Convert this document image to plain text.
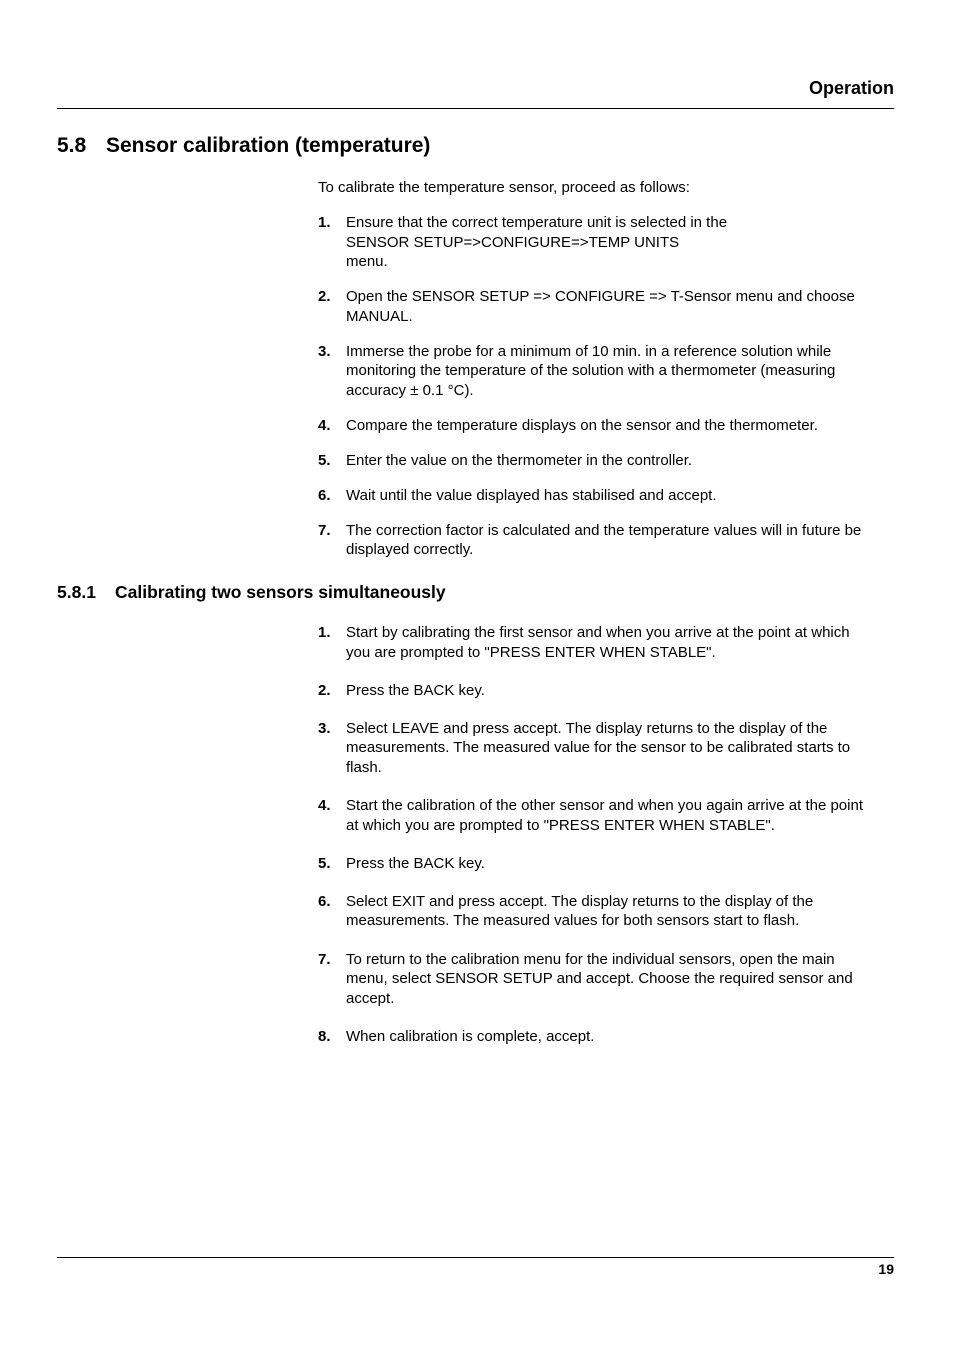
Operation
5.8 Sensor calibration (temperature)
To calibrate the temperature sensor, proceed as follows:
1.	Ensure that the correct temperature unit is selected in the
SENSOR SETUP=>CONFIGURE=>TEMP UNITS
menu.
2.	Open the SENSOR SETUP => CONFIGURE => T-Sensor menu and choose
MANUAL.
3.	Immerse the probe for a minimum of 10 min. in a reference solution while
monitoring the temperature of the solution with a thermometer (measuring
accuracy ± 0.1 °C).
4.	Compare the temperature displays on the sensor and the thermometer.
5.	Enter the value on the thermometer in the controller.
6.	Wait until the value displayed has stabilised and accept.
7.	The correction factor is calculated and the temperature values will in future be
displayed correctly.
5.8.1 Calibrating two sensors simultaneously
1.	Start by calibrating the first sensor and when you arrive at the point at which
you are prompted to "PRESS ENTER WHEN STABLE".
2.	Press the BACK key.
3.	Select LEAVE and press accept. The display returns to the display of the
measurements. The measured value for the sensor to be calibrated starts to
flash.
4.	Start the calibration of the other sensor and when you again arrive at the point
at which you are prompted to "PRESS ENTER WHEN STABLE".
5.	Press the BACK key.
6.	Select EXIT and press accept. The display returns to the display of the
measurements. The measured values for both sensors start to flash.
7.	To return to the calibration menu for the individual sensors, open the main
menu, select SENSOR SETUP and accept. Choose the required sensor and
accept.
8.	When calibration is complete, accept.
19
